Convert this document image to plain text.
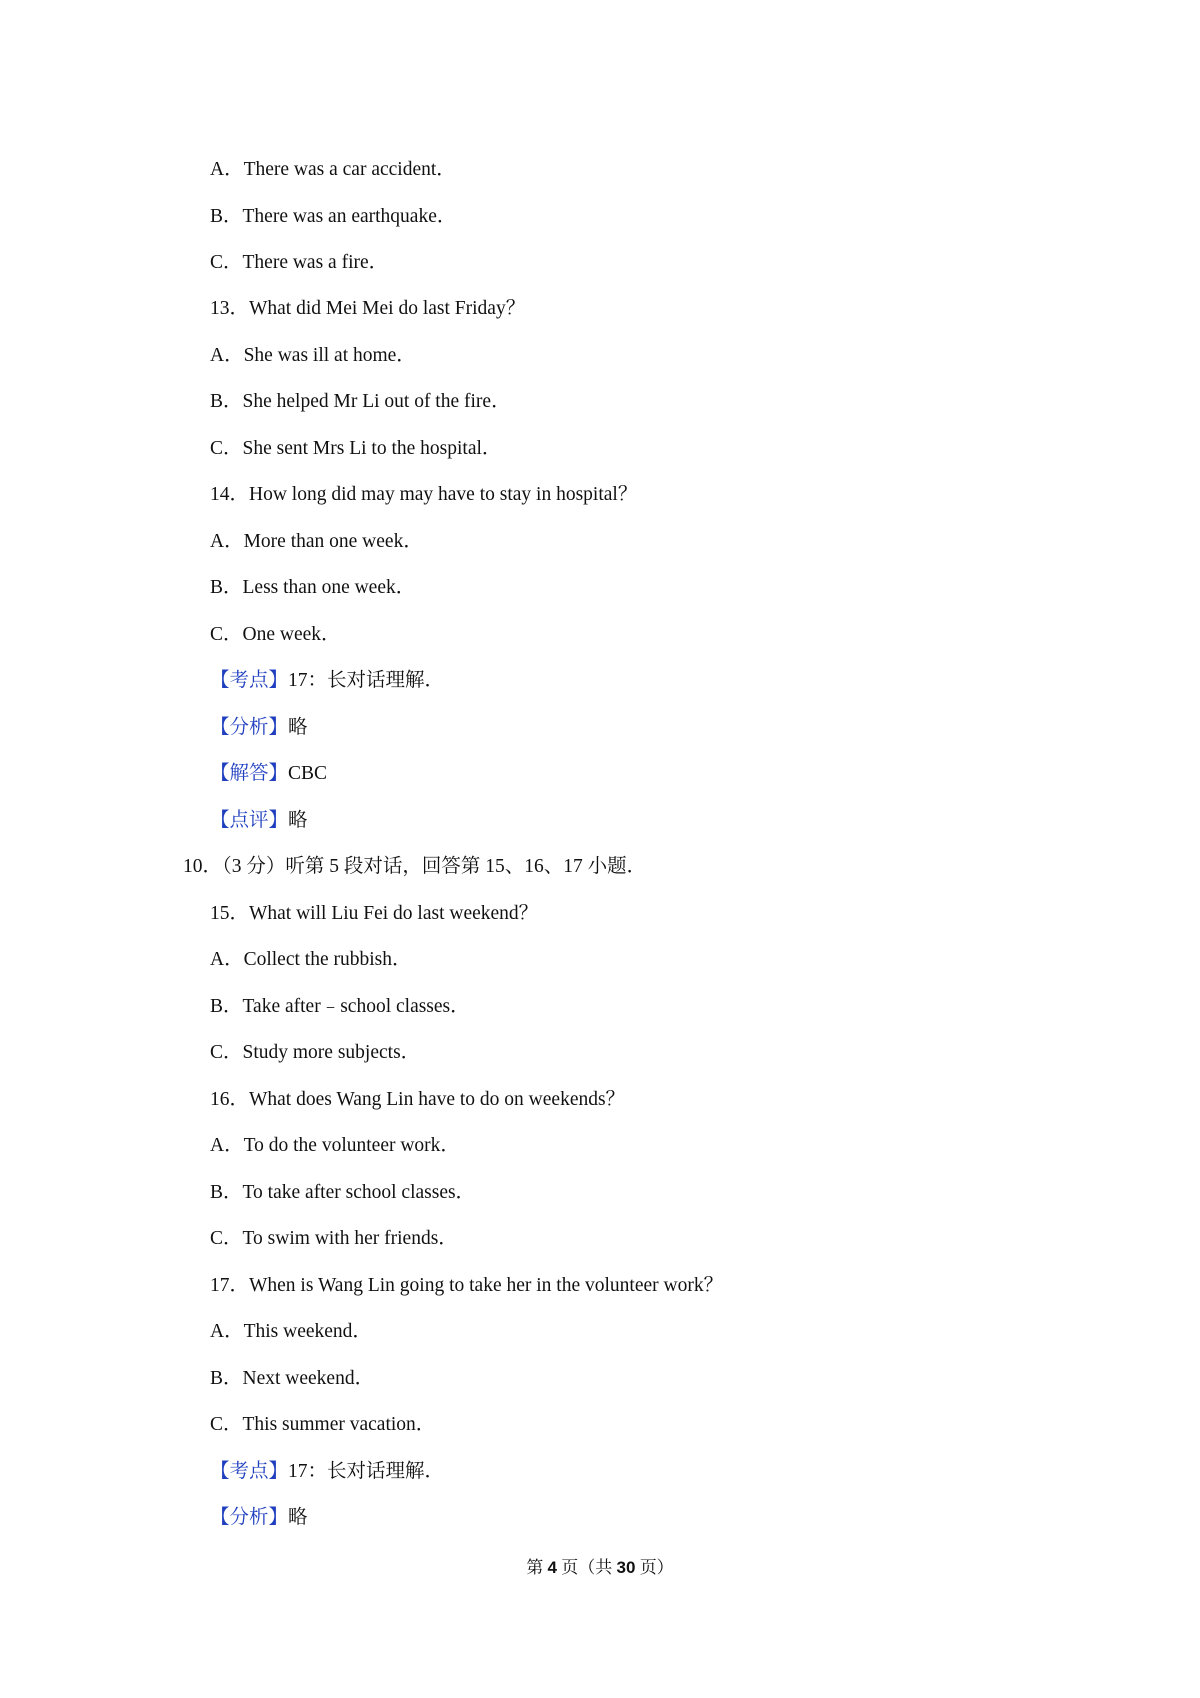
A．There was a car accident．
B．There was an earthquake．
C．There was a fire．
13．What did Mei Mei do last Friday？
A．She was ill at home．
B．She helped Mr Li out of the fire．
C．She sent Mrs Li to the hospital．
14．How long did may may have to stay in hospital？
A．More than one week．
B．Less than one week．
C．One week．
【考点】17：长对话理解．
【分析】略
【解答】CBC
【点评】略
10．（3 分）听第 5 段对话，回答第 15、16、17 小题．
15．What will Liu Fei do last weekend？
A．Collect the rubbish．
B．Take after﹣school classes．
C．Study more subjects．
16．What does Wang Lin have to do on weekends？
A．To do the volunteer work．
B．To take after school classes．
C．To swim with her friends．
17．When is Wang Lin going to take her in the volunteer work？
A．This weekend．
B．Next weekend．
C．This summer vacation．
【考点】17：长对话理解．
【分析】略
第 4 页（共 30 页）
